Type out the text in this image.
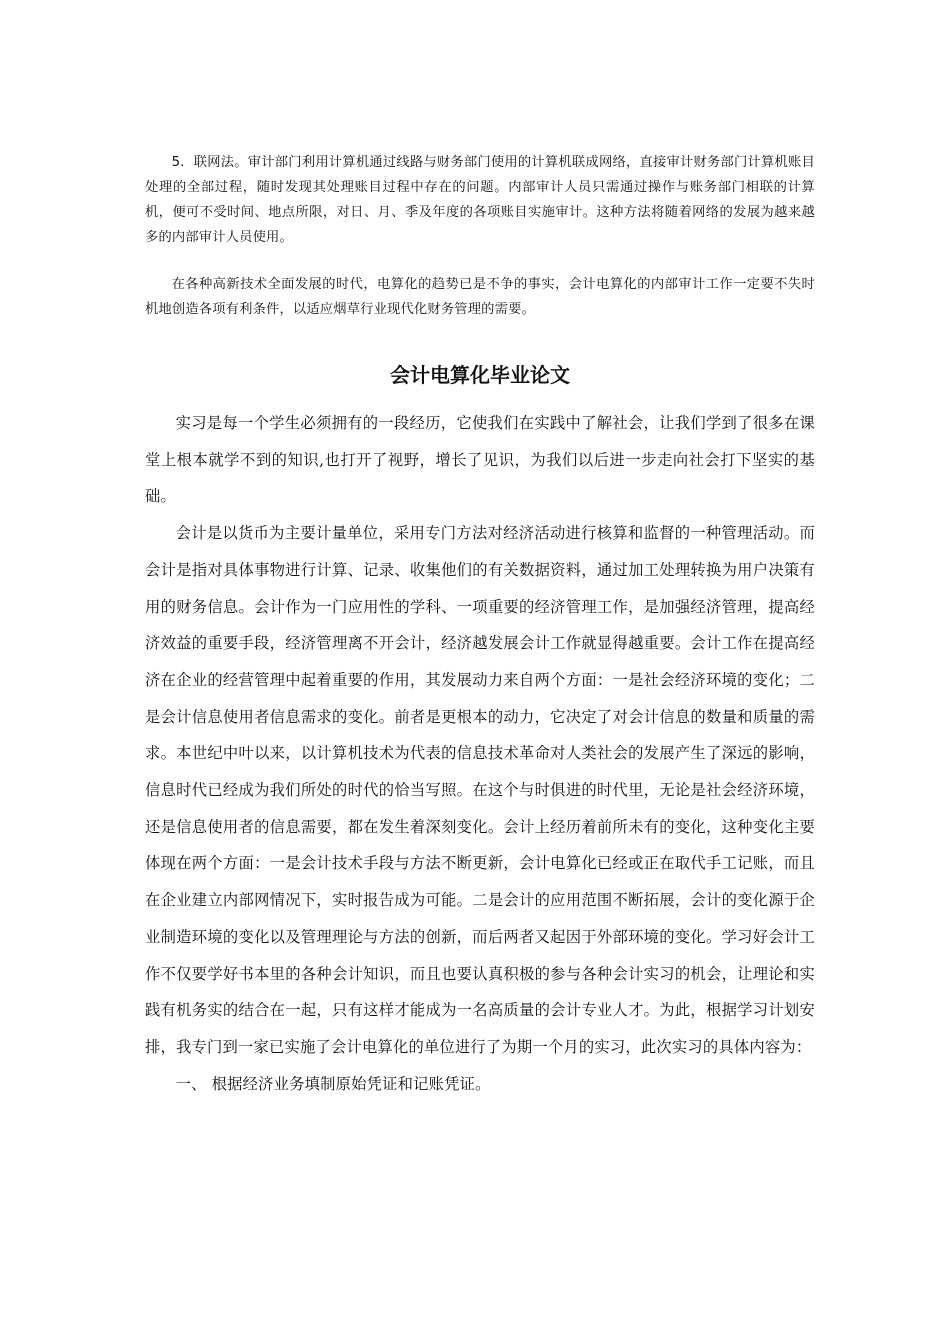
5．联网法。审计部门利用计算机通过线路与财务部门使用的计算机联成网络，直接审计财务部门计算机账目处理的全部过程，随时发现其处理账目过程中存在的问题。内部审计人员只需通过操作与账务部门相联的计算机，便可不受时间、地点所限，对日、月、季及年度的各项账目实施审计。这种方法将随着网络的发展为越来越多的内部审计人员使用。

在各种高新技术全面发展的时代，电算化的趋势已是不争的事实，会计电算化的内部审计工作一定要不失时机地创造各项有利条件，以适应烟草行业现代化财务管理的需要。

会计电算化毕业论文

实习是每一个学生必须拥有的一段经历，它使我们在实践中了解社会，让我们学到了很多在课堂上根本就学不到的知识,也打开了视野，增长了见识，为我们以后进一步走向社会打下坚实的基础。

会计是以货币为主要计量单位，采用专门方法对经济活动进行核算和监督的一种管理活动。而会计是指对具体事物进行计算、记录、收集他们的有关数据资料，通过加工处理转换为用户决策有用的财务信息。会计作为一门应用性的学科、一项重要的经济管理工作，是加强经济管理，提高经济效益的重要手段，经济管理离不开会计，经济越发展会计工作就显得越重要。会计工作在提高经济在企业的经营管理中起着重要的作用，其发展动力来自两个方面：一是社会经济环境的变化；二是会计信息使用者信息需求的变化。前者是更根本的动力，它决定了对会计信息的数量和质量的需求。本世纪中叶以来，以计算机技术为代表的信息技术革命对人类社会的发展产生了深远的影响，信息时代已经成为我们所处的时代的恰当写照。在这个与时俱进的时代里，无论是社会经济环境，还是信息使用者的信息需要，都在发生着深刻变化。会计上经历着前所未有的变化，这种变化主要体现在两个方面：一是会计技术手段与方法不断更新，会计电算化已经或正在取代手工记账，而且在企业建立内部网情况下，实时报告成为可能。二是会计的应用范围不断拓展，会计的变化源于企业制造环境的变化以及管理理论与方法的创新，而后两者又起因于外部环境的变化。学习好会计工作不仅要学好书本里的各种会计知识，而且也要认真积极的参与各种会计实习的机会，让理论和实践有机务实的结合在一起，只有这样才能成为一名高质量的会计专业人才。为此，根据学习计划安排，我专门到一家已实施了会计电算化的单位进行了为期一个月的实习，此次实习的具体内容为：

一、 根据经济业务填制原始凭证和记账凭证。
